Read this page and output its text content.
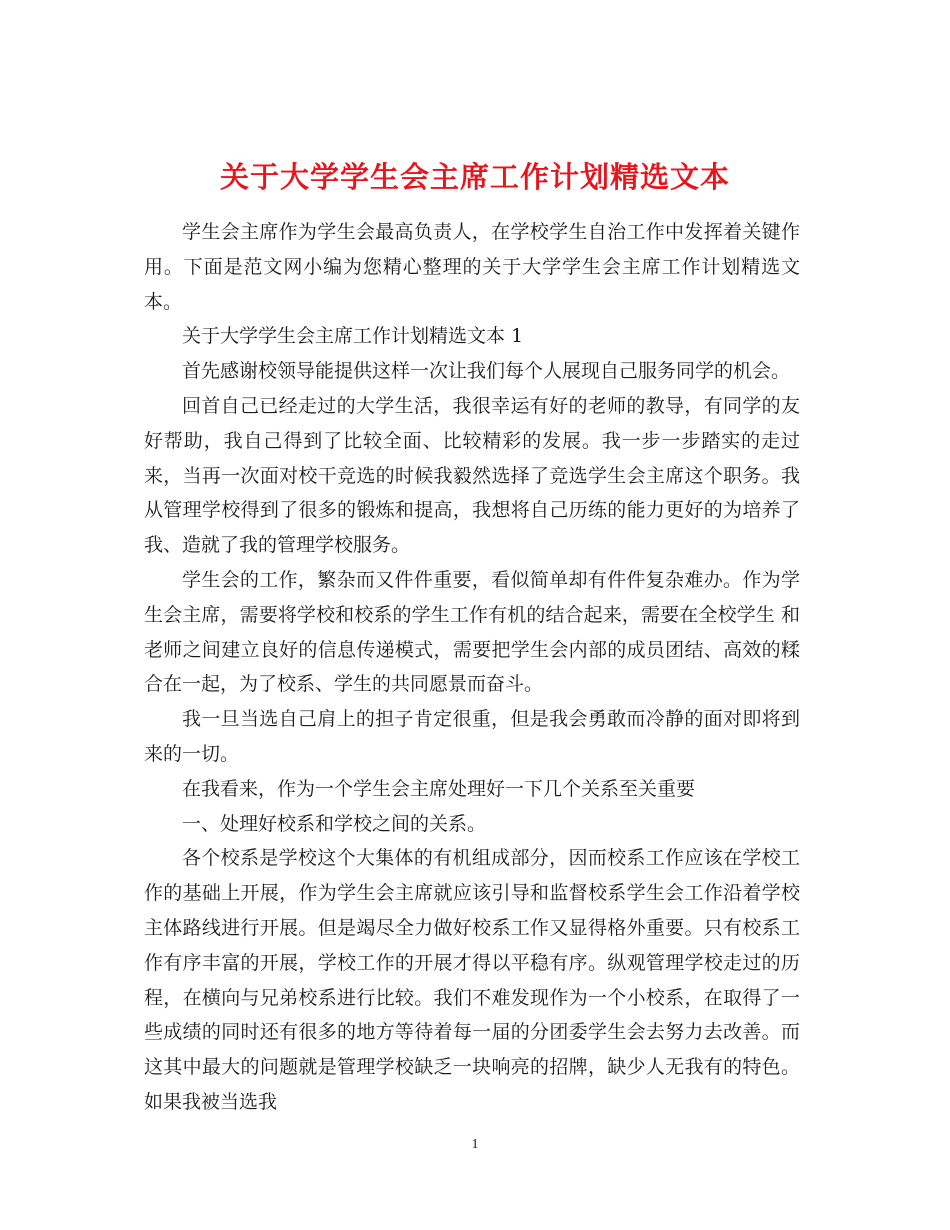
关于大学学生会主席工作计划精选文本

学生会主席作为学生会最高负责人，在学校学生自治工作中发挥着关键作用。下面是范文网小编为您精心整理的关于大学学生会主席工作计划精选文本。

关于大学学生会主席工作计划精选文本 1

首先感谢校领导能提供这样一次让我们每个人展现自己服务同学的机会。

回首自己已经走过的大学生活，我很幸运有好的老师的教导，有同学的友好帮助，我自己得到了比较全面、比较精彩的发展。我一步一步踏实的走过来，当再一次面对校干竞选的时候我毅然选择了竞选学生会主席这个职务。我从管理学校得到了很多的锻炼和提高，我想将自己历练的能力更好的为培养了我、造就了我的管理学校服务。

学生会的工作，繁杂而又件件重要，看似简单却有件件复杂难办。作为学生会主席，需要将学校和校系的学生工作有机的结合起来，需要在全校学生 和老师之间建立良好的信息传递模式，需要把学生会内部的成员团结、高效的糅合在一起，为了校系、学生的共同愿景而奋斗。

我一旦当选自己肩上的担子肯定很重，但是我会勇敢而冷静的面对即将到来的一切。

在我看来，作为一个学生会主席处理好一下几个关系至关重要

一、处理好校系和学校之间的关系。

各个校系是学校这个大集体的有机组成部分，因而校系工作应该在学校工作的基础上开展，作为学生会主席就应该引导和监督校系学生会工作沿着学校主体路线进行开展。但是竭尽全力做好校系工作又显得格外重要。只有校系工作有序丰富的开展，学校工作的开展才得以平稳有序。纵观管理学校走过的历程，在横向与兄弟校系进行比较。我们不难发现作为一个小校系，在取得了一些成绩的同时还有很多的地方等待着每一届的分团委学生会去努力去改善。而这其中最大的问题就是管理学校缺乏一块响亮的招牌，缺少人无我有的特色。如果我被当选我

1
